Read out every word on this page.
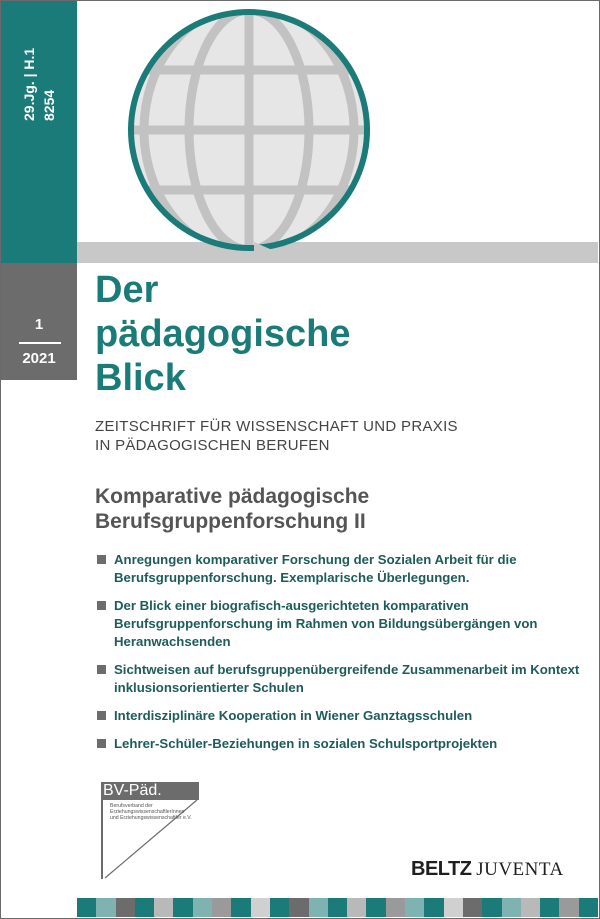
29.Jg. | H.1 8254
1
2021
Der
pädagogische
Blick
ZEITSCHRIFT FÜR WISSENSCHAFT UND PRAXIS
IN PÄDAGOGISCHEN BERUFEN
Komparative pädagogische
Berufsgruppenforschung II
Anregungen komparativer Forschung der Sozialen Arbeit für die Berufsgruppenforschung. Exemplarische Überlegungen.
Der Blick einer biografisch-ausgerichteten komparativen Berufsgruppenforschung im Rahmen von Bildungsübergängen von Heranwachsenden
Sichtweisen auf berufsgruppenübergreifende Zusammenarbeit im Kontext inklusionsorientierter Schulen
Interdisziplinäre Kooperation in Wiener Ganztagsschulen
Lehrer-Schüler-Beziehungen in sozialen Schulsportprojekten
BV-Päd.
Berufsverband der
ErziehungswissenschaftlerInnen
und Erziehungswissenschaftler e.V.
BELTZ JUVENTA
